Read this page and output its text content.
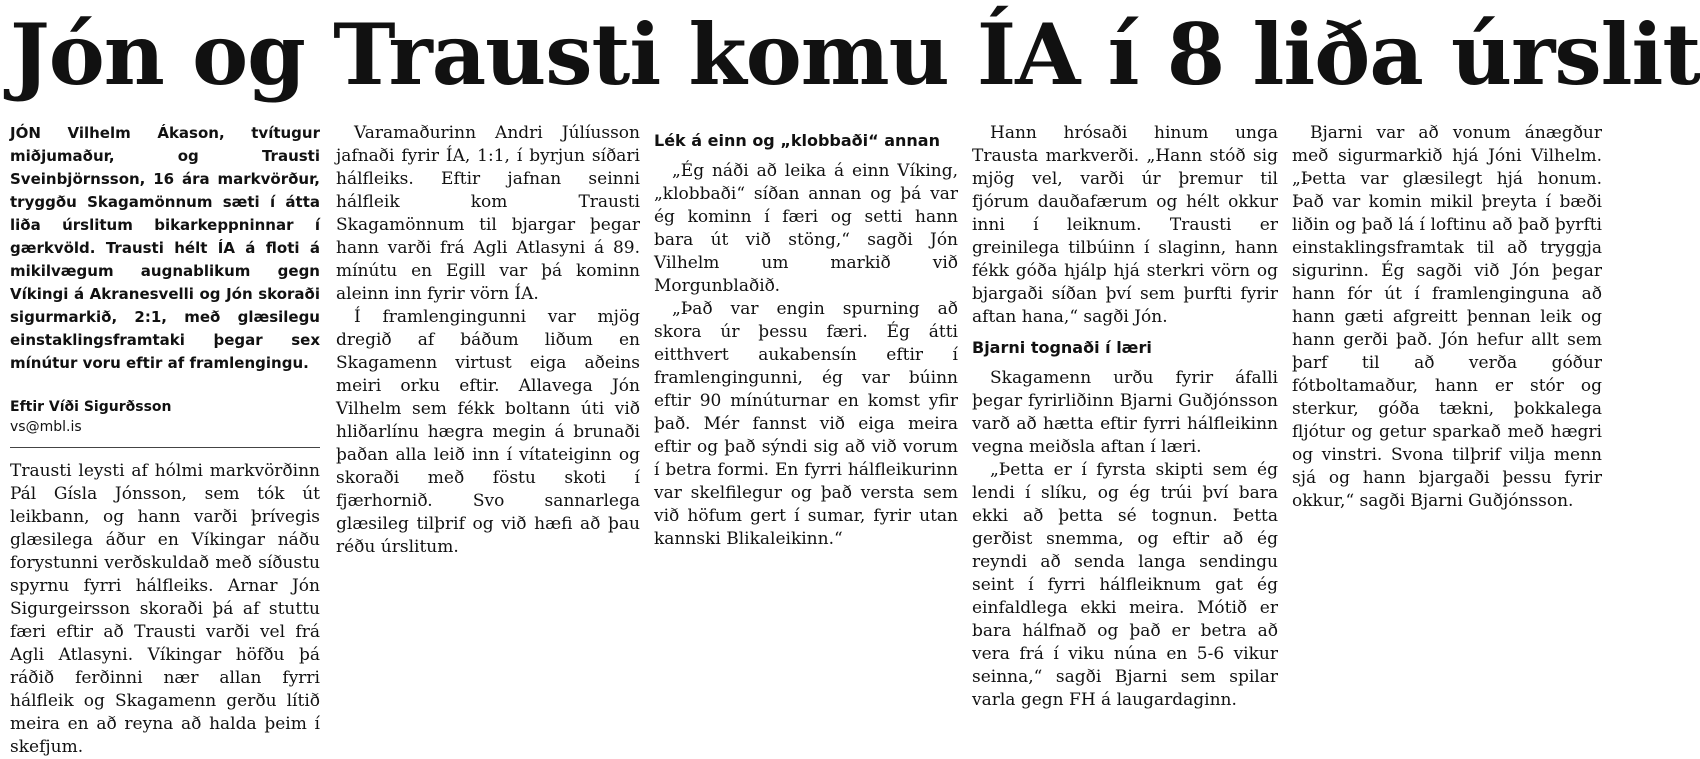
Jón og Trausti komu ÍA í 8 liða úrslit

JÓN Vilhelm Ákason, tvítugur miðjumaður, og Trausti Sveinbjörnsson, 16 ára markvörður, tryggðu Skagamönnum sæti í átta liða úrslitum bikarkeppninnar í gærkvöld. Trausti hélt ÍA á floti á mikilvægum augnablikum gegn Víkingi á Akranesvelli og Jón skoraði sigurmarkið, 2:1, með glæsilegu einstaklingsframtaki þegar sex mínútur voru eftir af framlengingu.

Eftir Víði Sigurðsson

vs@mbl.is

Trausti leysti af hólmi markvörðinn Pál Gísla Jónsson, sem tók út leikbann, og hann varði þrívegis glæsilega áður en Víkingar náðu forystunni verðskuldað með síðustu spyrnu fyrri hálfleiks. Arnar Jón Sigurgeirsson skoraði þá af stuttu færi eftir að Trausti varði vel frá Agli Atlasyni. Víkingar höfðu þá ráðið ferðinni nær allan fyrri hálfleik og Skagamenn gerðu lítið meira en að reyna að halda þeim í skefjum.

Varamaðurinn Andri Júlíusson jafnaði fyrir ÍA, 1:1, í byrjun síðari hálfleiks. Eftir jafnan seinni hálfleik kom Trausti Skagamönnum til bjargar þegar hann varði frá Agli Atlasyni á 89. mínútu en Egill var þá kominn aleinn inn fyrir vörn ÍA.

Í framlengingunni var mjög dregið af báðum liðum en Skagamenn virtust eiga aðeins meiri orku eftir. Allavega Jón Vilhelm sem fékk boltann úti við hliðarlínu hægra megin á brunaði þaðan alla leið inn í vítateiginn og skoraði með föstu skoti í fjærhornið. Svo sannarlega glæsileg tilþrif og við hæfi að þau réðu úrslitum.

Lék á einn og „klobbaði“ annan

„Ég náði að leika á einn Víking, „klobbaði“ síðan annan og þá var ég kominn í færi og setti hann bara út við stöng,“ sagði Jón Vilhelm um markið við Morgunblaðið.

„Það var engin spurning að skora úr þessu færi. Ég átti eitthvert aukabensín eftir í framlengingunni, ég var búinn eftir 90 mínúturnar en komst yfir það. Mér fannst við eiga meira eftir og það sýndi sig að við vorum í betra formi. En fyrri hálfleikurinn var skelfilegur og það versta sem við höfum gert í sumar, fyrir utan kannski Blikaleikinn.“

Hann hrósaði hinum unga Trausta markverði. „Hann stóð sig mjög vel, varði úr þremur til fjórum dauðafærum og hélt okkur inni í leiknum. Trausti er greinilega tilbúinn í slaginn, hann fékk góða hjálp hjá sterkri vörn og bjargaði síðan því sem þurfti fyrir aftan hana,“ sagði Jón.

Bjarni tognaði í læri

Skagamenn urðu fyrir áfalli þegar fyrirliðinn Bjarni Guðjónsson varð að hætta eftir fyrri hálfleikinn vegna meiðsla aftan í læri.

„Þetta er í fyrsta skipti sem ég lendi í slíku, og ég trúi því bara ekki að þetta sé tognun. Þetta gerðist snemma, og eftir að ég reyndi að senda langa sendingu seint í fyrri hálfleiknum gat ég einfaldlega ekki meira. Mótið er bara hálfnað og það er betra að vera frá í viku núna en 5-6 vikur seinna,“ sagði Bjarni sem spilar varla gegn FH á laugardaginn.

Bjarni var að vonum ánægður með sigurmarkið hjá Jóni Vilhelm. „Þetta var glæsilegt hjá honum. Það var komin mikil þreyta í bæði liðin og það lá í loftinu að það þyrfti einstaklingsframtak til að tryggja sigurinn. Ég sagði við Jón þegar hann fór út í framlenginguna að hann gæti afgreitt þennan leik og hann gerði það. Jón hefur allt sem þarf til að verða góður fótboltamaður, hann er stór og sterkur, góða tækni, þokkalega fljótur og getur sparkað með hægri og vinstri. Svona tilþrif vilja menn sjá og hann bjargaði þessu fyrir okkur,“ sagði Bjarni Guðjónsson.
